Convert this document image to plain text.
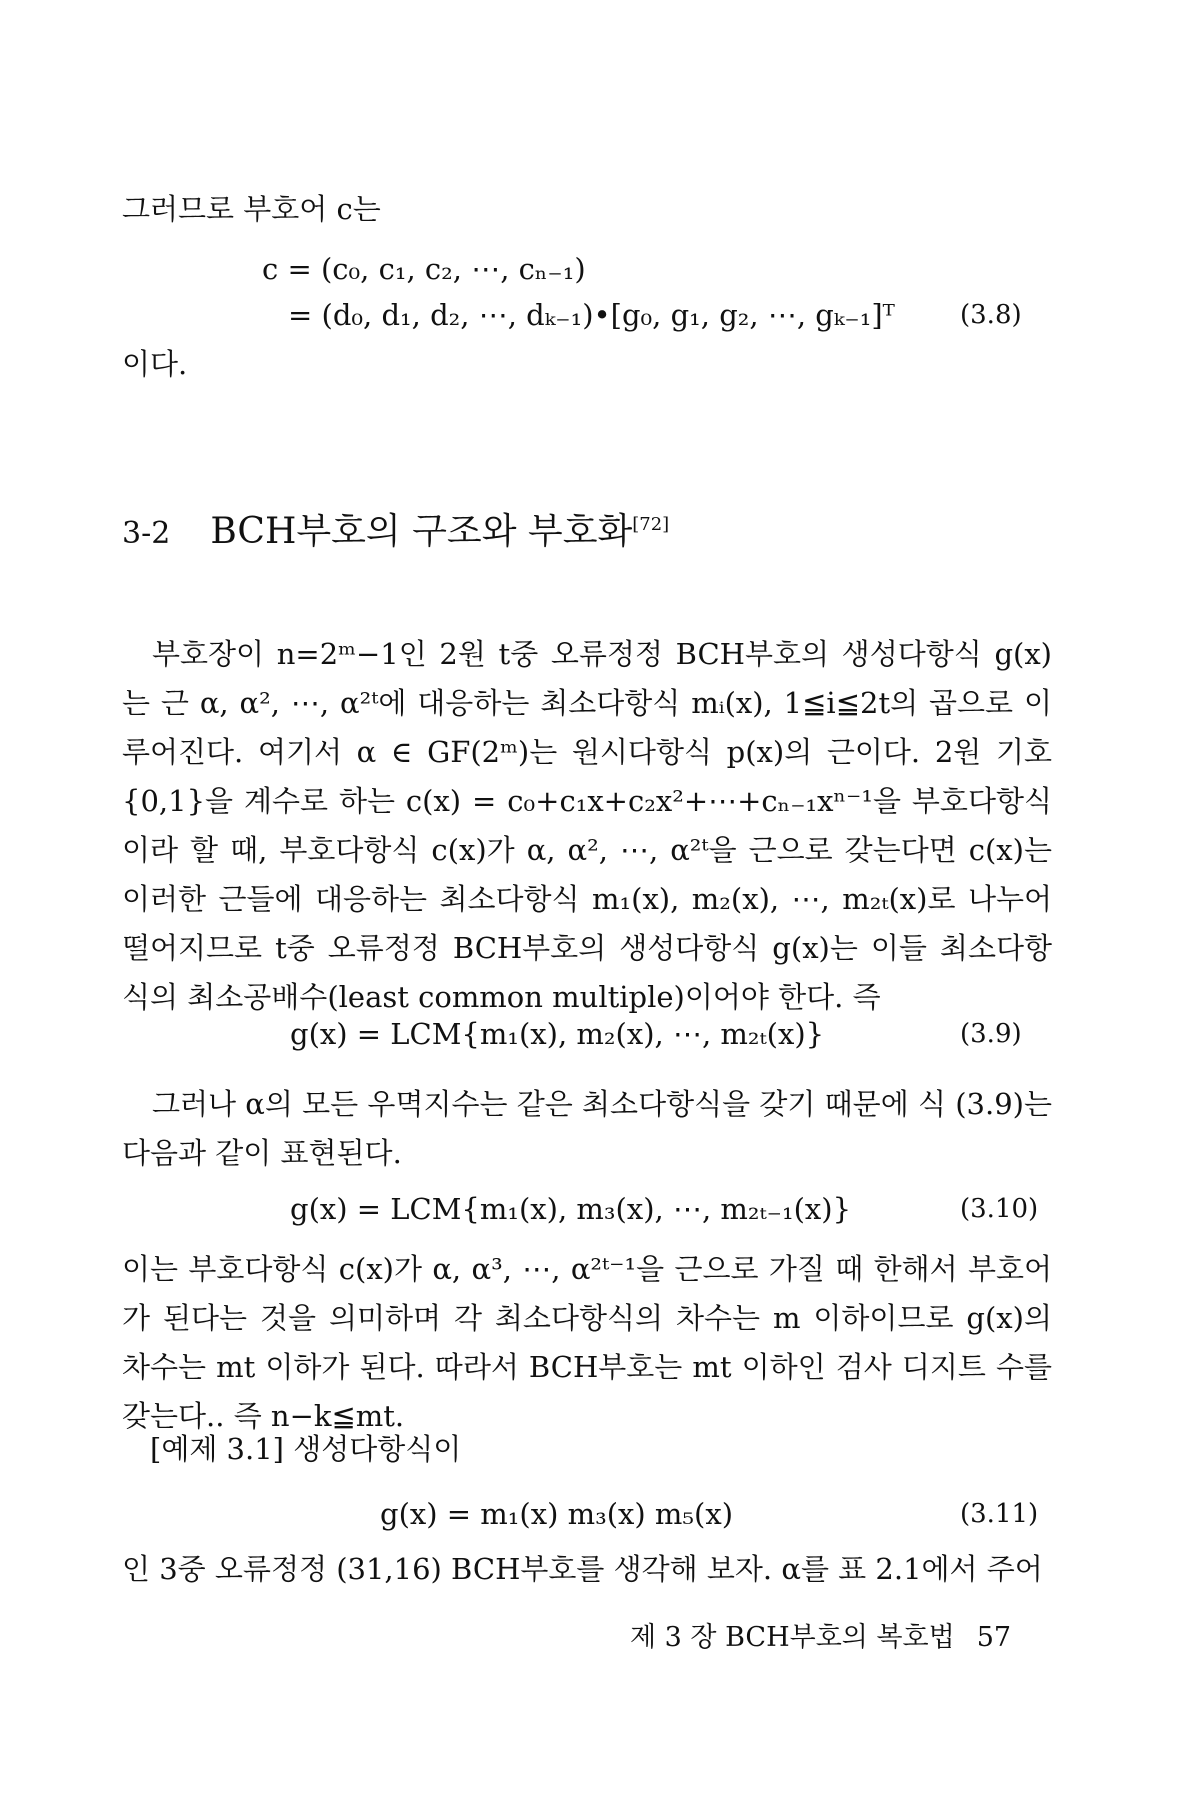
그러므로 부호어 c는
c = (c₀, c₁, c₂, ⋯, cₙ₋₁)
= (d₀, d₁, d₂, ⋯, dₖ₋₁)•[g₀, g₁, g₂, ⋯, gₖ₋₁]ᵀ	(3.8)
이다.
3-2 BCH부호의 구조와 부호화[72]
부호장이 n=2ᵐ−1인 2원 t중 오류정정 BCH부호의 생성다항식 g(x)는 근 α, α², ⋯, α²ᵗ에 대응하는 최소다항식 mᵢ(x), 1≦i≦2t의 곱으로 이루어진다. 여기서 α ∈ GF(2ᵐ)는 원시다항식 p(x)의 근이다. 2원 기호 {0,1}을 계수로 하는 c(x) = c₀+c₁x+c₂x²+⋯+cₙ₋₁xⁿ⁻¹을 부호다항식이라 할 때, 부호다항식 c(x)가 α, α², ⋯, α²ᵗ을 근으로 갖는다면 c(x)는 이러한 근들에 대응하는 최소다항식 m₁(x), m₂(x), ⋯, m₂ₜ(x)로 나누어 떨어지므로 t중 오류정정 BCH부호의 생성다항식 g(x)는 이들 최소다항식의 최소공배수(least common multiple)이어야 한다. 즉
g(x) = LCM{m₁(x), m₂(x), ⋯, m₂ₜ(x)}	(3.9)
그러나 α의 모든 우멱지수는 같은 최소다항식을 갖기 때문에 식 (3.9)는 다음과 같이 표현된다.
g(x) = LCM{m₁(x), m₃(x), ⋯, m₂ₜ₋₁(x)}	(3.10)
이는 부호다항식 c(x)가 α, α³, ⋯, α²ᵗ⁻¹을 근으로 가질 때 한해서 부호어가 된다는 것을 의미하며 각 최소다항식의 차수는 m 이하이므로 g(x)의 차수는 mt 이하가 된다. 따라서 BCH부호는 mt 이하인 검사 디지트 수를 갖는다.. 즉 n−k≦mt.
[예제 3.1] 생성다항식이
g(x) = m₁(x) m₃(x) m₅(x)	(3.11)
인 3중 오류정정 (31,16) BCH부호를 생각해 보자. α를 표 2.1에서 주어
제 3 장 BCH부호의 복호법 57
